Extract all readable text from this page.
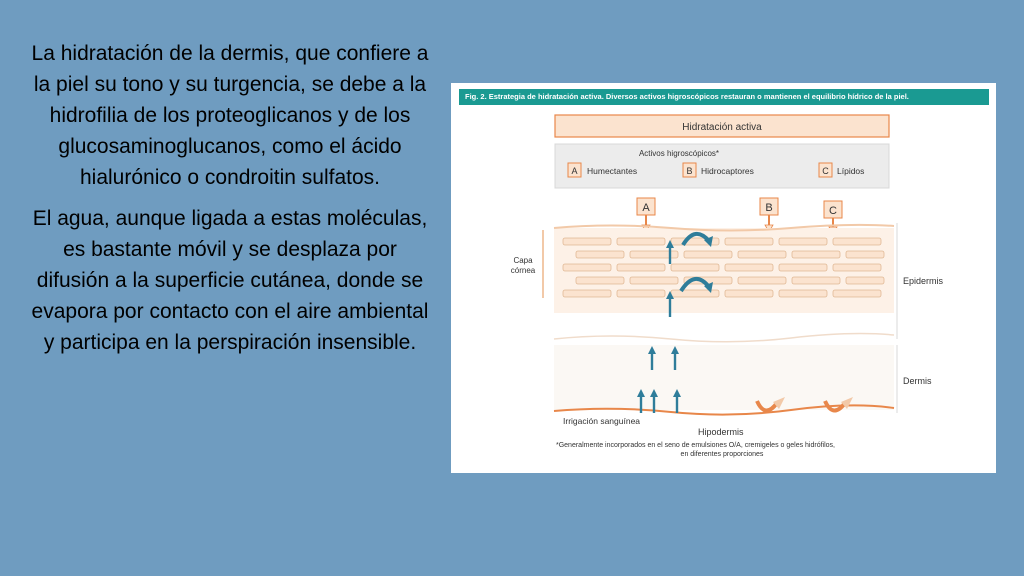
La hidratación de la dermis, que confiere a la piel su tono y su turgencia, se debe a la hidrofilia de los proteoglicanos y de los glucosaminoglucanos, como el ácido hialurónico o condroitin sulfatos.

El agua, aunque ligada a estas moléculas, es bastante móvil y se desplaza por difusión a la superficie cutánea, donde se evapora por contacto con el aire ambiental y participa en la perspiración insensible.

Hidratación activa
Activos higroscópicos*
A Humectantes	B Hidrocaptores	C Lípidos
A	B	C
Capa
córnea
Epidermis
Dermis
Irrigación sanguínea
Hipodermis
*Generalmente incorporados en el seno de emulsiones O/A, cremigeles o geles hidrófilos,
en diferentes proporciones
Fig. 2. Estrategia de hidratación activa. Diversos activos higroscópicos restauran o mantienen el equilibrio hídrico de la piel.
